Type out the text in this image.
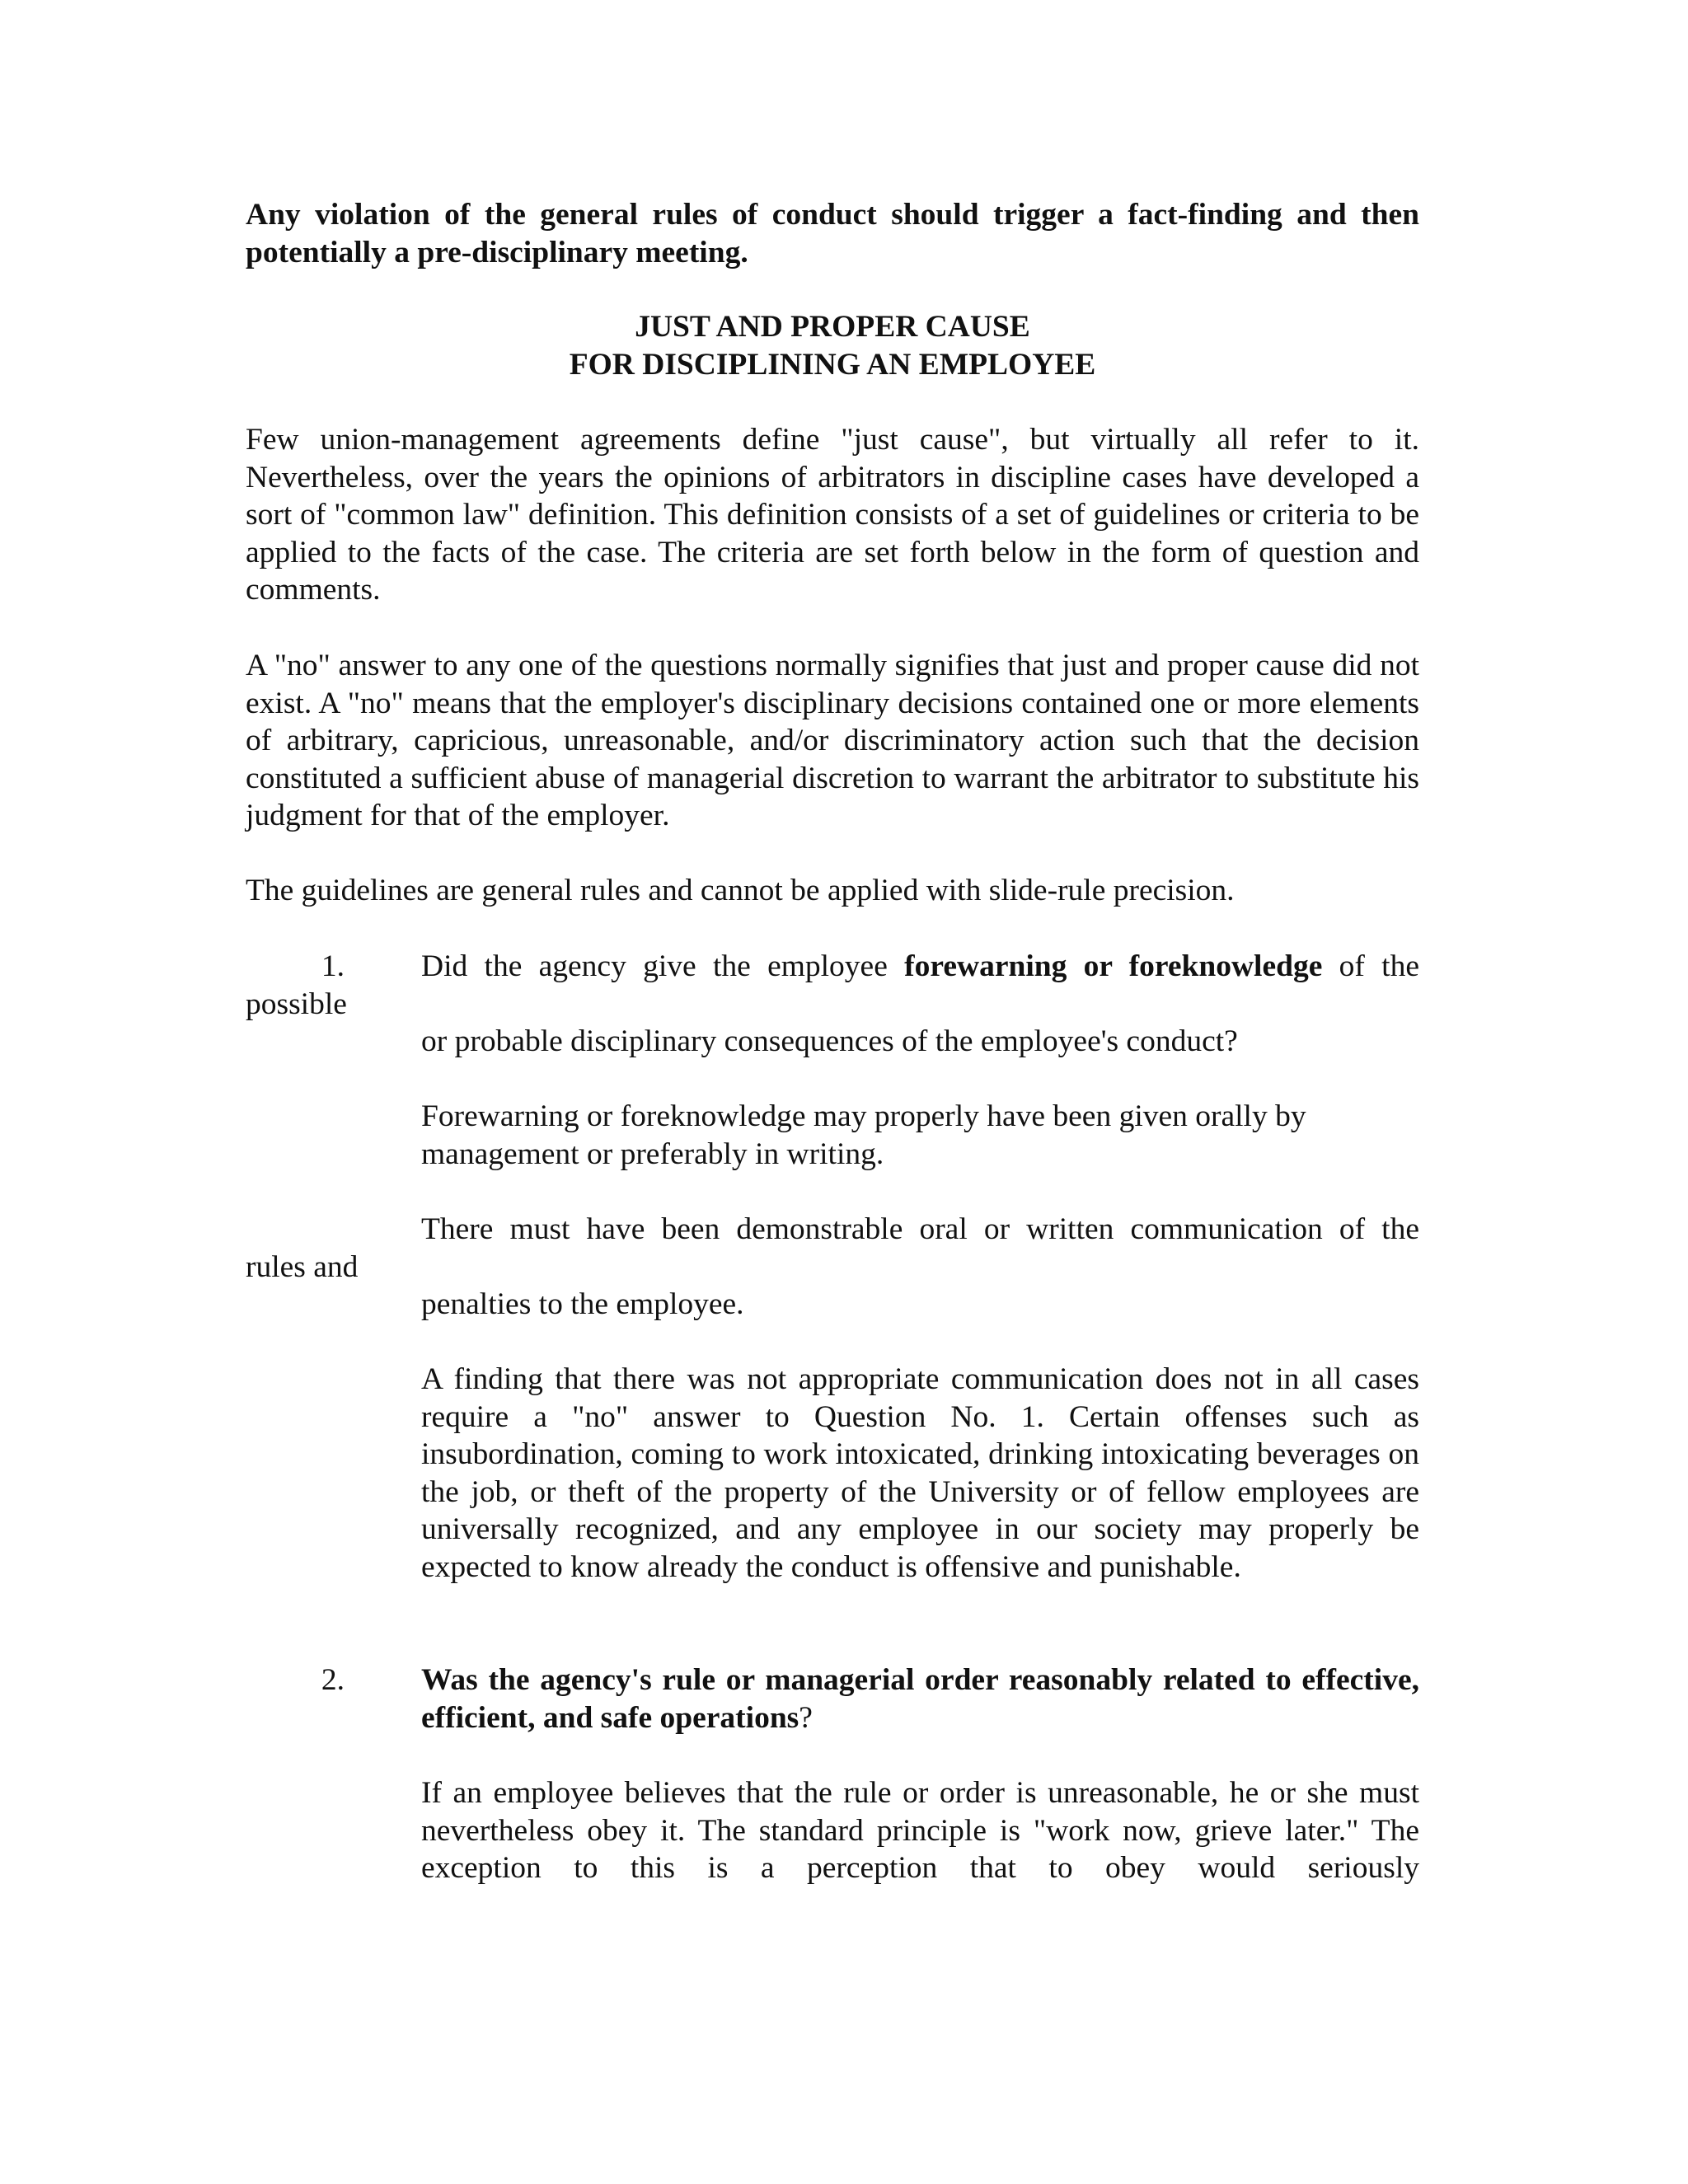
Any violation of the general rules of conduct should trigger a fact-finding and then potentially a pre-disciplinary meeting.

JUST AND PROPER CAUSE
FOR DISCIPLINING AN EMPLOYEE

Few union-management agreements define "just cause", but virtually all refer to it. Nevertheless, over the years the opinions of arbitrators in discipline cases have developed a sort of "common law" definition. This definition consists of a set of guidelines or criteria to be applied to the facts of the case. The criteria are set forth below in the form of question and comments.

A "no" answer to any one of the questions normally signifies that just and proper cause did not exist. A "no" means that the employer's disciplinary decisions contained one or more elements of arbitrary, capricious, unreasonable, and/or discriminatory action such that the decision constituted a sufficient abuse of managerial discretion to warrant the arbitrator to substitute his judgment for that of the employer.

The guidelines are general rules and cannot be applied with slide-rule precision.

1. Did the agency give the employee forewarning or foreknowledge of the
possible
or probable disciplinary consequences of the employee's conduct?

Forewarning or foreknowledge may properly have been given orally by management or preferably in writing.

There must have been demonstrable oral or written communication of the
rules and
penalties to the employee.

A finding that there was not appropriate communication does not in all cases require a "no" answer to Question No. 1. Certain offenses such as insubordination, coming to work intoxicated, drinking intoxicating beverages on the job, or theft of the property of the University or of fellow employees are universally recognized, and any employee in our society may properly be expected to know already the conduct is offensive and punishable.

2. Was the agency's rule or managerial order reasonably related to effective, efficient, and safe operations?

If an employee believes that the rule or order is unreasonable, he or she must nevertheless obey it. The standard principle is "work now, grieve later." The exception to this is a perception that to obey would seriously
